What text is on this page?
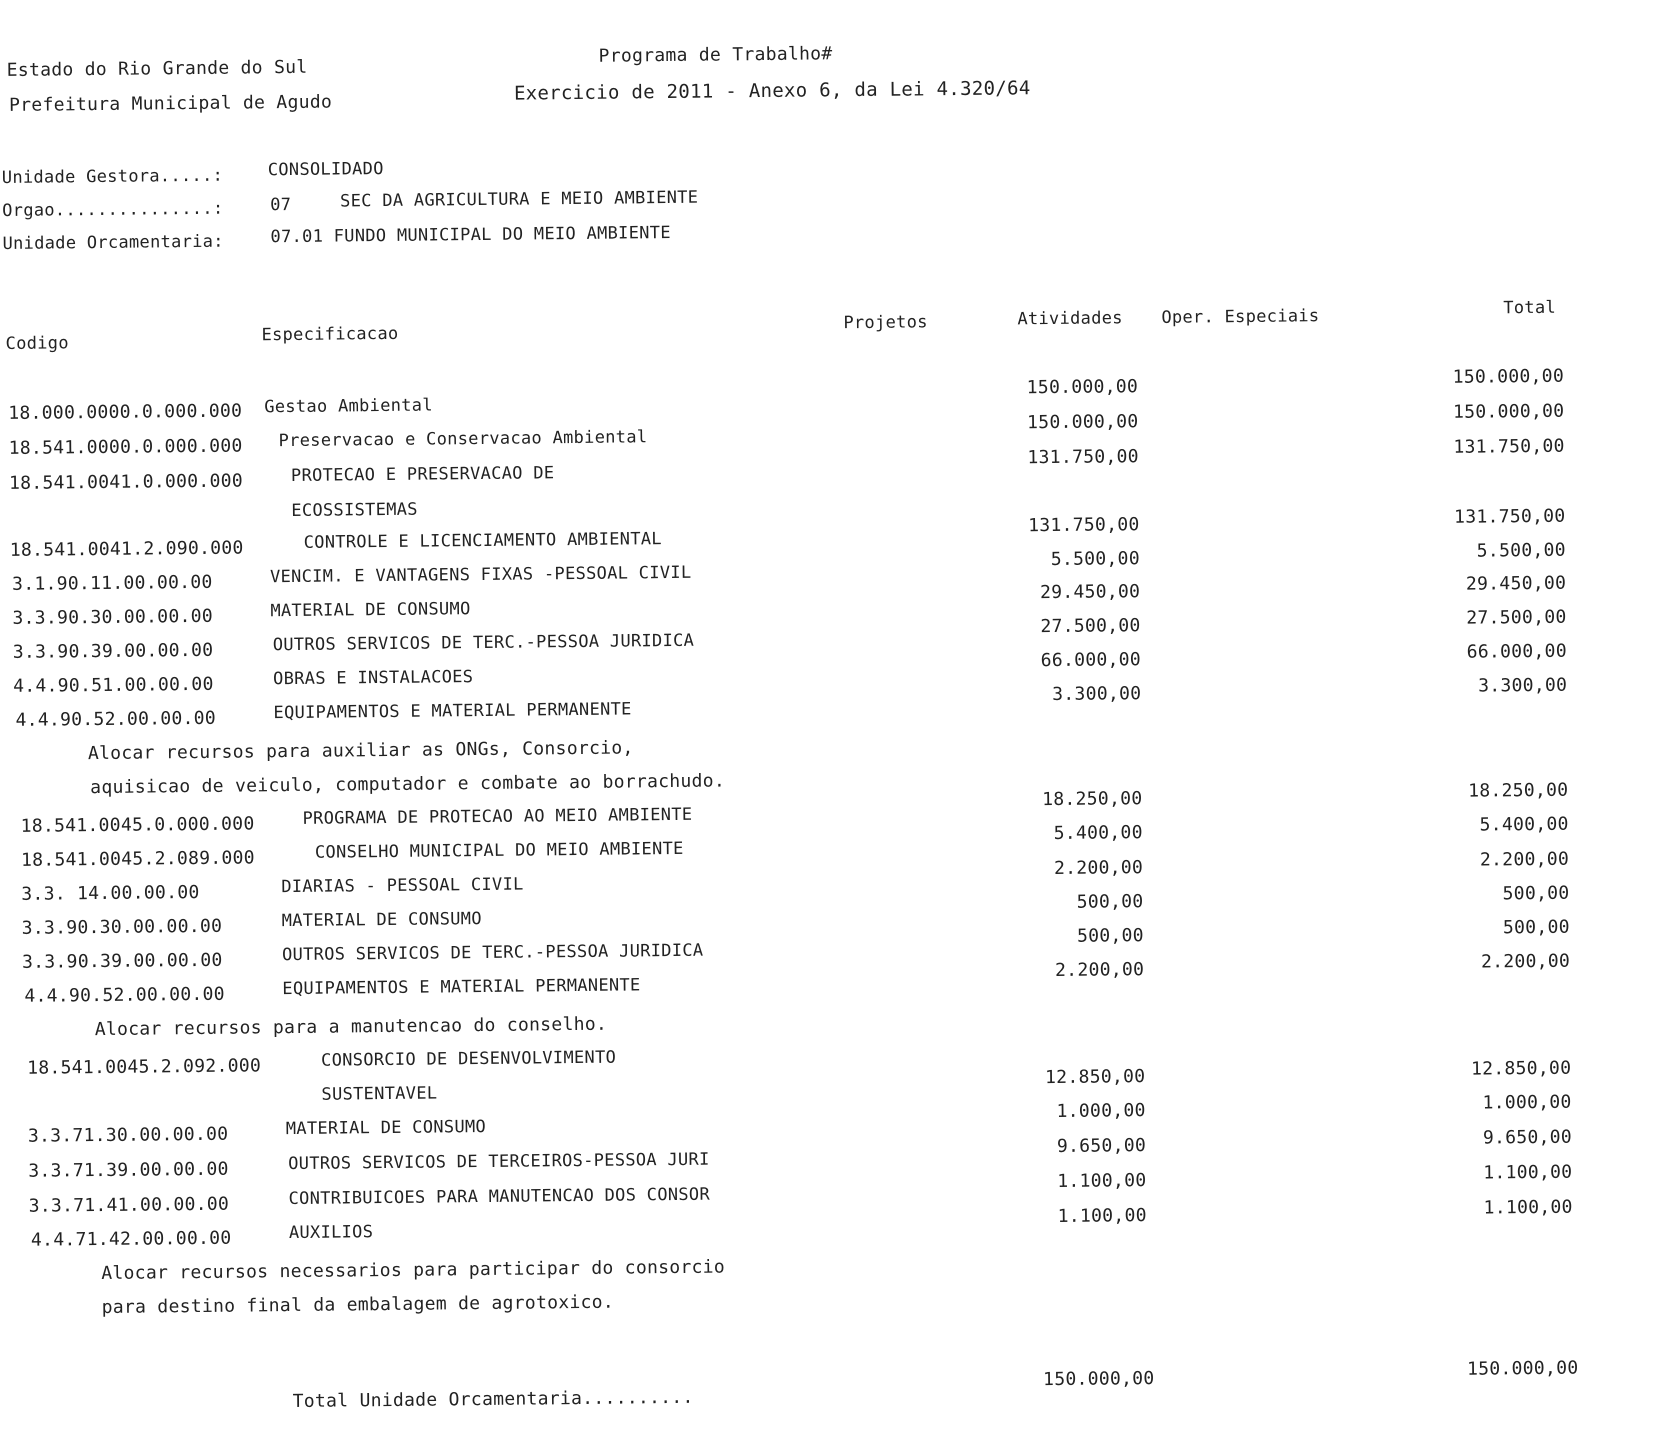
Estado do Rio Grande do Sul
Prefeitura Municipal de Agudo
Programa de Trabalho#
Exercicio de 2011 - Anexo 6, da Lei 4.320/64
Unidade Gestora.....:	CONSOLIDADO
Orgao...............:	07	SEC DA AGRICULTURA E MEIO AMBIENTE
Unidade Orcamentaria:	07.01 FUNDO MUNICIPAL DO MEIO AMBIENTE
Codigo	Especificacao
Projetos	Atividades Oper. Especiais	Total
18.000.0000.0.000.000 Gestao Ambiental
150.000,00	150.000,00
18.541.0000.0.000.000 Preservacao e Conservacao Ambiental
150.000,00	150.000,00
18.541.0041.0.000.000	PROTECAO E PRESERVACAO DE
ECOSSISTEMAS
131.750,00	131.750,00
18.541.0041.2.090.000	CONTROLE E LICENCIAMENTO AMBIENTAL
131.750,00	131.750,00
3.1.90.11.00.00.00	VENCIM. E VANTAGENS FIXAS -PESSOAL CIVIL
5.500,00	5.500,00
3.3.90.30.00.00.00	MATERIAL DE CONSUMO
29.450,00	29.450,00
3.3.90.39.00.00.00	OUTROS SERVICOS DE TERC.-PESSOA JURIDICA
27.500,00	27.500,00
4.4.90.51.00.00.00	OBRAS E INSTALACOES
66.000,00	66.000,00
4.4.90.52.00.00.00	EQUIPAMENTOS E MATERIAL PERMANENTE
3.300,00	3.300,00
Alocar recursos para auxiliar as ONGs, Consorcio,
aquisicao de veiculo, computador e combate ao borrachudo.
18.541.0045.0.000.000	PROGRAMA DE PROTECAO AO MEIO AMBIENTE
18.250,00	18.250,00
18.541.0045.2.089.000	CONSELHO MUNICIPAL DO MEIO AMBIENTE
5.400,00	5.400,00
3.3. 14.00.00.00	DIARIAS - PESSOAL CIVIL
2.200,00	2.200,00
3.3.90.30.00.00.00	MATERIAL DE CONSUMO
500,00	500,00
3.3.90.39.00.00.00	OUTROS SERVICOS DE TERC.-PESSOA JURIDICA
500,00	500,00
4.4.90.52.00.00.00	EQUIPAMENTOS E MATERIAL PERMANENTE
2.200,00	2.200,00
Alocar recursos para a manutencao do conselho.
18.541.0045.2.092.000	CONSORCIO DE DESENVOLVIMENTO
SUSTENTAVEL
12.850,00	12.850,00
3.3.71.30.00.00.00	MATERIAL DE CONSUMO
1.000,00	1.000,00
3.3.71.39.00.00.00	OUTROS SERVICOS DE TERCEIROS-PESSOA JURI
9.650,00	9.650,00
3.3.71.41.00.00.00	CONTRIBUICOES PARA MANUTENCAO DOS CONSOR
1.100,00	1.100,00
4.4.71.42.00.00.00	AUXILIOS
1.100,00	1.100,00
Alocar recursos necessarios para participar do consorcio
para destino final da embalagem de agrotoxico.
Total Unidade Orcamentaria..........
150.000,00	150.000,00
